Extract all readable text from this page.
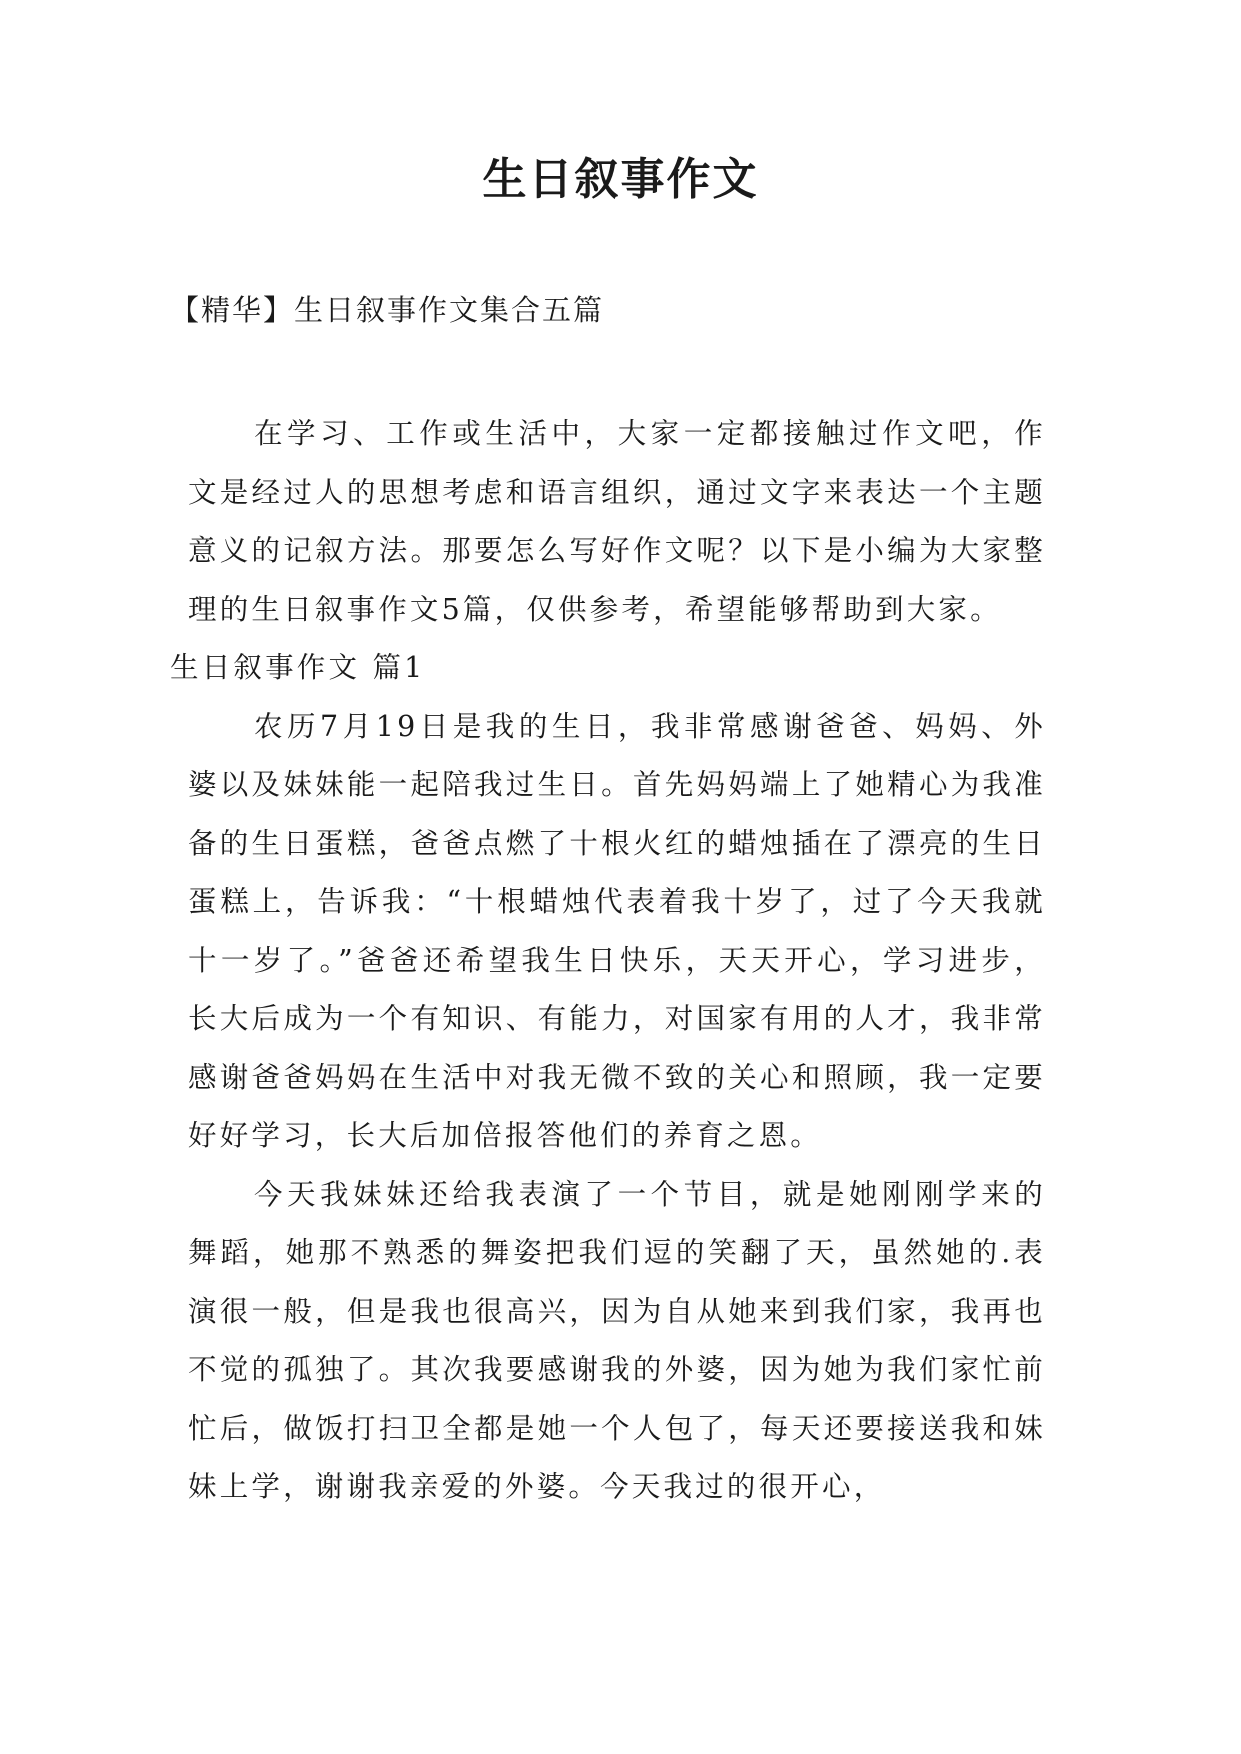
生日叙事作文
【精华】生日叙事作文集合五篇

在学习、工作或生活中，大家一定都接触过作文吧，作文是经过人的思想考虑和语言组织，通过文字来表达一个主题意义的记叙方法。那要怎么写好作文呢？以下是小编为大家整理的生日叙事作文5篇，仅供参考，希望能够帮助到大家。

生日叙事作文 篇1

农历7月19日是我的生日，我非常感谢爸爸、妈妈、外婆以及妹妹能一起陪我过生日。首先妈妈端上了她精心为我准备的生日蛋糕，爸爸点燃了十根火红的蜡烛插在了漂亮的生日蛋糕上，告诉我：“十根蜡烛代表着我十岁了，过了今天我就十一岁了。”爸爸还希望我生日快乐，天天开心，学习进步，长大后成为一个有知识、有能力，对国家有用的人才，我非常感谢爸爸妈妈在生活中对我无微不致的关心和照顾，我一定要好好学习，长大后加倍报答他们的养育之恩。

今天我妹妹还给我表演了一个节目，就是她刚刚学来的舞蹈，她那不熟悉的舞姿把我们逗的笑翻了天，虽然她的.表演很一般，但是我也很高兴，因为自从她来到我们家，我再也不觉的孤独了。其次我要感谢我的外婆，因为她为我们家忙前忙后，做饭打扫卫全都是她一个人包了，每天还要接送我和妹妹上学，谢谢我亲爱的外婆。今天我过的很开心，
